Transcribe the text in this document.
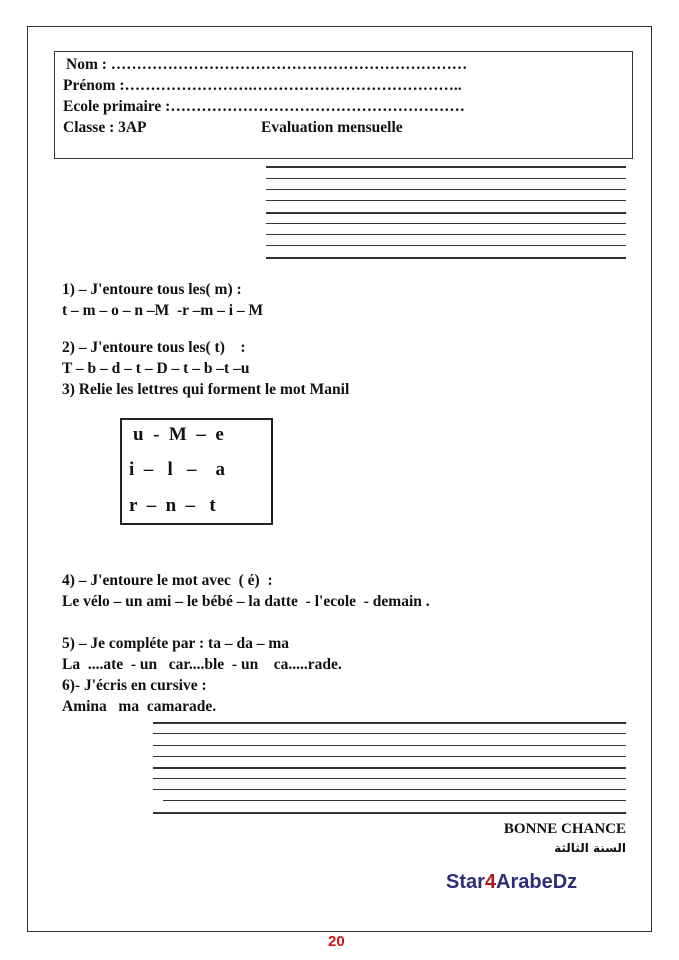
Nom : ……………………………………………………………
Prénom :…………………….…………………………………..
Ecole primaire :…………………………………………………
Classe : 3AP	Evaluation mensuelle
1) – J'entoure tous les( m) :
t – m – o – n –M  -r –m – i – M
2) – J'entoure tous les( t)    :
T – b – d – t – D – t – b –t –u
3) Relie les lettres qui forment le mot Manil
u  -  M  –  e
i  –   l   –    a
r  –  n  –   t
4) – J'entoure le mot avec  ( é)  :
Le vélo – un ami – le bébé – la datte  - l'ecole  - demain .
5) – Je compléte par : ta – da – ma
La  ....ate  - un   car....ble  - un    ca.....rade.
6)- J'écris en cursive :
Amina   ma  camarade.
BONNE CHANCE
السنة الثالثة
Star4ArabeDz
20
